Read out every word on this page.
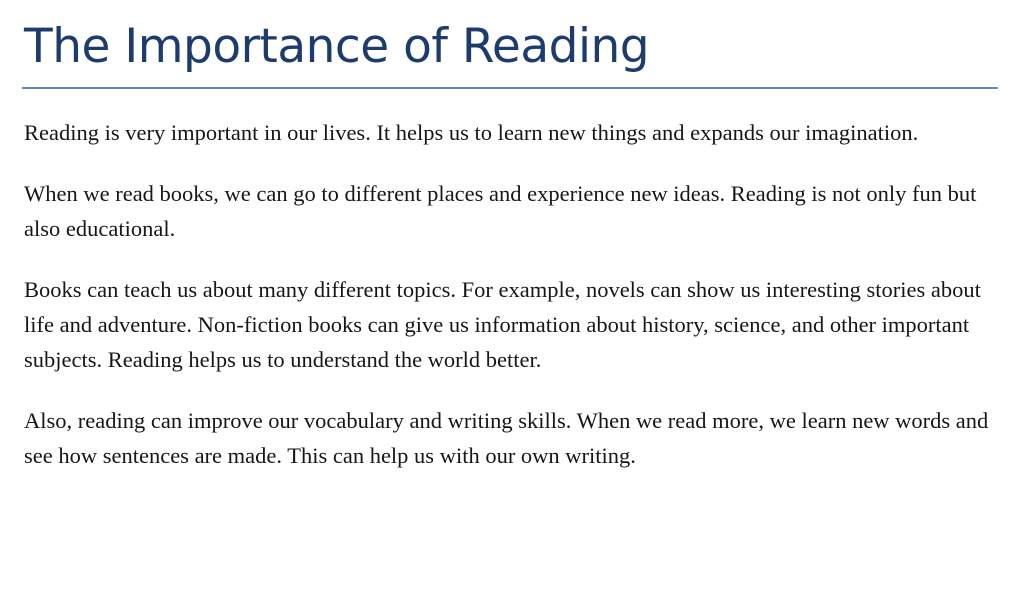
The Importance of Reading

Reading is very important in our lives. It helps us to learn new things and expands our imagination.

When we read books, we can go to different places and experience new ideas. Reading is not only fun but also educational.

Books can teach us about many different topics. For example, novels can show us interesting stories about life and adventure. Non-fiction books can give us information about history, science, and other important subjects. Reading helps us to understand the world better.

Also, reading can improve our vocabulary and writing skills. When we read more, we learn new words and see how sentences are made. This can help us with our own writing.
